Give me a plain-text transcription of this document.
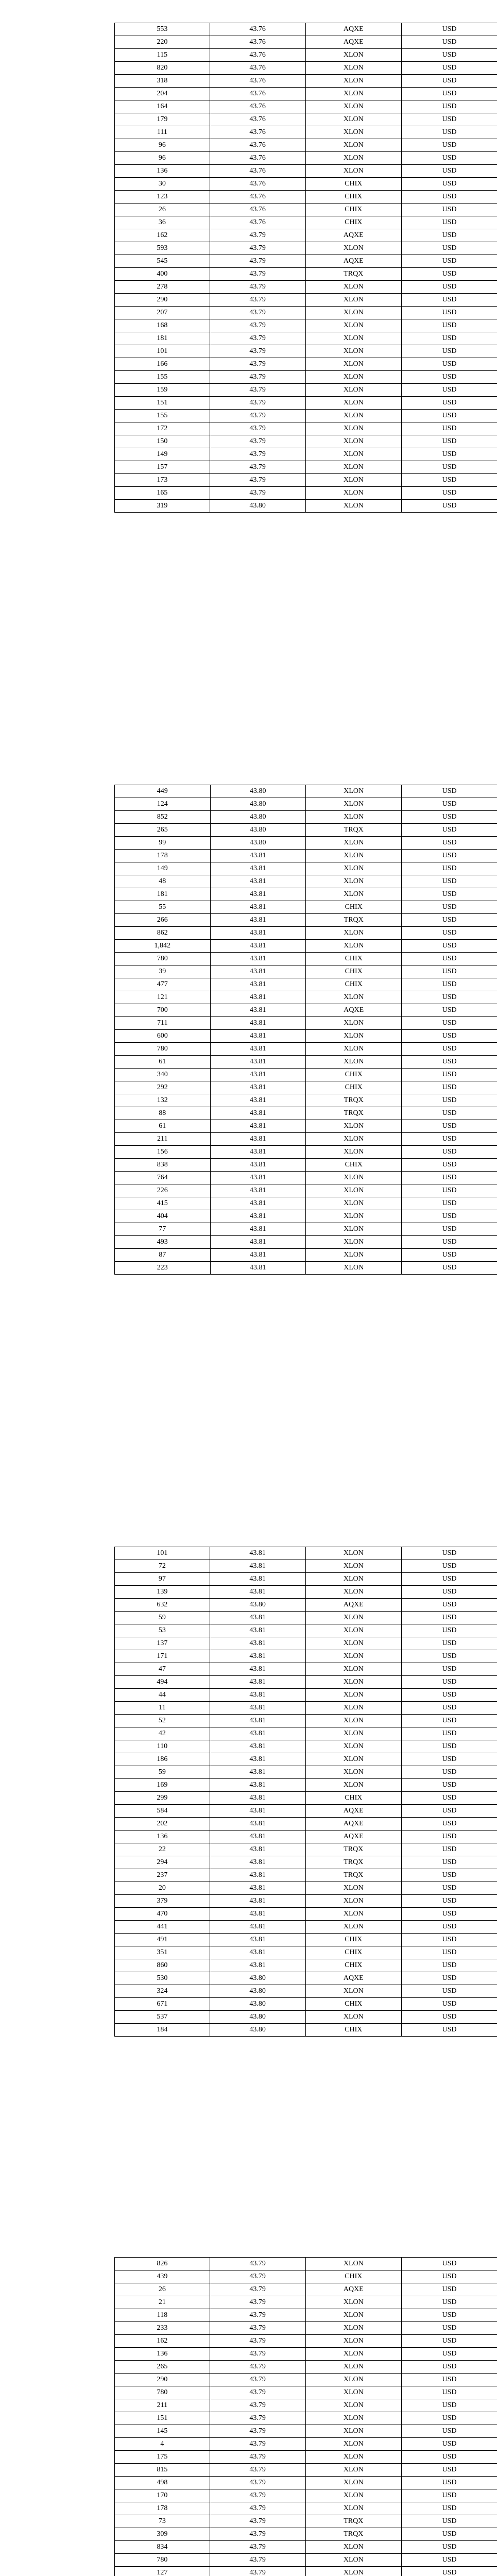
553	43.76	AQXE	USD
220	43.76	AQXE	USD
115	43.76	XLON	USD
820	43.76	XLON	USD
318	43.76	XLON	USD
204	43.76	XLON	USD
164	43.76	XLON	USD
179	43.76	XLON	USD
111	43.76	XLON	USD
96	43.76	XLON	USD
96	43.76	XLON	USD
136	43.76	XLON	USD
30	43.76	CHIX	USD
123	43.76	CHIX	USD
26	43.76	CHIX	USD
36	43.76	CHIX	USD
162	43.79	AQXE	USD
593	43.79	XLON	USD
545	43.79	AQXE	USD
400	43.79	TRQX	USD
278	43.79	XLON	USD
290	43.79	XLON	USD
207	43.79	XLON	USD
168	43.79	XLON	USD
181	43.79	XLON	USD
101	43.79	XLON	USD
166	43.79	XLON	USD
155	43.79	XLON	USD
159	43.79	XLON	USD
151	43.79	XLON	USD
155	43.79	XLON	USD
172	43.79	XLON	USD
150	43.79	XLON	USD
149	43.79	XLON	USD
157	43.79	XLON	USD
173	43.79	XLON	USD
165	43.79	XLON	USD
319	43.80	XLON	USD
449	43.80	XLON	USD
124	43.80	XLON	USD
852	43.80	XLON	USD
265	43.80	TRQX	USD
99	43.80	XLON	USD
178	43.81	XLON	USD
149	43.81	XLON	USD
48	43.81	XLON	USD
181	43.81	XLON	USD
55	43.81	CHIX	USD
266	43.81	TRQX	USD
862	43.81	XLON	USD
1,842	43.81	XLON	USD
780	43.81	CHIX	USD
39	43.81	CHIX	USD
477	43.81	CHIX	USD
121	43.81	XLON	USD
700	43.81	AQXE	USD
711	43.81	XLON	USD
600	43.81	XLON	USD
780	43.81	XLON	USD
61	43.81	XLON	USD
340	43.81	CHIX	USD
292	43.81	CHIX	USD
132	43.81	TRQX	USD
88	43.81	TRQX	USD
61	43.81	XLON	USD
211	43.81	XLON	USD
156	43.81	XLON	USD
838	43.81	CHIX	USD
764	43.81	XLON	USD
226	43.81	XLON	USD
415	43.81	XLON	USD
404	43.81	XLON	USD
77	43.81	XLON	USD
493	43.81	XLON	USD
87	43.81	XLON	USD
223	43.81	XLON	USD
101	43.81	XLON	USD
72	43.81	XLON	USD
97	43.81	XLON	USD
139	43.81	XLON	USD
632	43.80	AQXE	USD
59	43.81	XLON	USD
53	43.81	XLON	USD
137	43.81	XLON	USD
171	43.81	XLON	USD
47	43.81	XLON	USD
494	43.81	XLON	USD
44	43.81	XLON	USD
11	43.81	XLON	USD
52	43.81	XLON	USD
42	43.81	XLON	USD
110	43.81	XLON	USD
186	43.81	XLON	USD
59	43.81	XLON	USD
169	43.81	XLON	USD
299	43.81	CHIX	USD
584	43.81	AQXE	USD
202	43.81	AQXE	USD
136	43.81	AQXE	USD
22	43.81	TRQX	USD
294	43.81	TRQX	USD
237	43.81	TRQX	USD
20	43.81	XLON	USD
379	43.81	XLON	USD
470	43.81	XLON	USD
441	43.81	XLON	USD
491	43.81	CHIX	USD
351	43.81	CHIX	USD
860	43.81	CHIX	USD
530	43.80	AQXE	USD
324	43.80	XLON	USD
671	43.80	CHIX	USD
537	43.80	XLON	USD
184	43.80	CHIX	USD
826	43.79	XLON	USD
439	43.79	CHIX	USD
26	43.79	AQXE	USD
21	43.79	XLON	USD
118	43.79	XLON	USD
233	43.79	XLON	USD
162	43.79	XLON	USD
136	43.79	XLON	USD
265	43.79	XLON	USD
290	43.79	XLON	USD
780	43.79	XLON	USD
211	43.79	XLON	USD
151	43.79	XLON	USD
145	43.79	XLON	USD
4	43.79	XLON	USD
175	43.79	XLON	USD
815	43.79	XLON	USD
498	43.79	XLON	USD
170	43.79	XLON	USD
178	43.79	XLON	USD
73	43.79	TRQX	USD
309	43.79	TRQX	USD
834	43.79	XLON	USD
780	43.79	XLON	USD
127	43.79	XLON	USD
